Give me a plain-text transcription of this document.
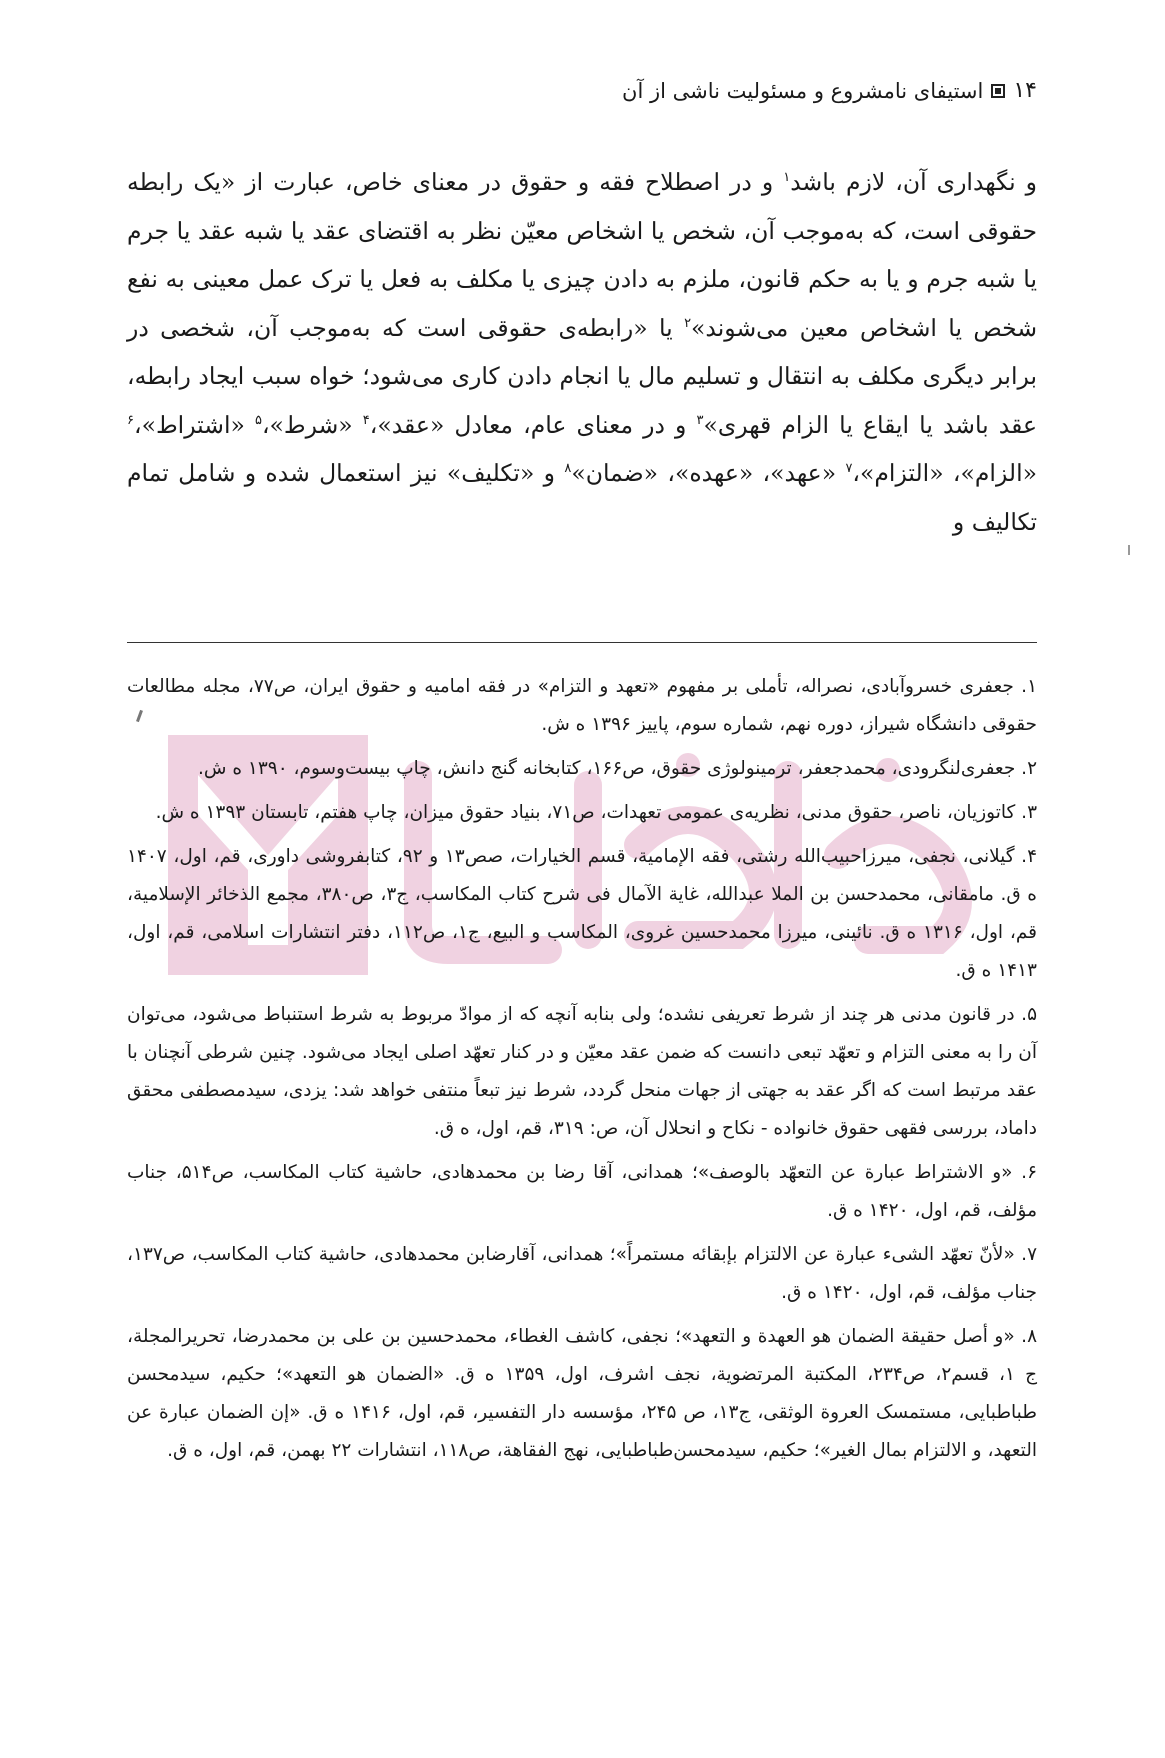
۱۴
استیفای نامشروع و مسئولیت ناشی از آن

و نگهداری آن، لازم باشد$^۱$ و در اصطلاح فقه و حقوق در معنای خاص، عبارت از «یک رابطه حقوقی است، که به‌موجب آن، شخص یا اشخاص معیّن نظر به اقتضای عقد یا شبه عقد یا جرم یا شبه جرم و یا به حکم قانون، ملزم به دادن چیزی یا مکلف به فعل یا ترک عمل معینی به نفع شخص یا اشخاص معین می‌شوند»$^۲$ یا «رابطه‌ی حقوقی است که به‌موجب آن، شخصی در برابر دیگری مکلف به انتقال و تسلیم مال یا انجام دادن کاری می‌شود؛ خواه سبب ایجاد رابطه، عقد باشد یا ایقاع یا الزام قهری»$^۳$ و در معنای عام، معادل «عقد»،$^۴$ «شرط»،$^۵$ «اشتراط»،$^۶$ «الزام»، «التزام»،$^۷$ «عهد»، «عهده»، «ضمان»$^۸$ و «تکلیف» نیز استعمال شده و شامل تمام تکالیف و

۱. جعفری خسروآبادی، نصراله، تأملی بر مفهوم «تعهد و التزام» در فقه امامیه و حقوق ایران، ص۷۷، مجله مطالعات حقوقی دانشگاه شیراز، دوره نهم، شماره سوم، پاییز ۱۳۹۶ ه ش.

۲. جعفری‌لنگرودی، محمدجعفر، ترمینولوژی حقوق، ص۱۶۶، کتابخانه گنج دانش، چاپ بیست‌وسوم، ۱۳۹۰ ه ش.

۳. کاتوزیان، ناصر، حقوق مدنی، نظریه‌ی عمومی تعهدات، ص۷۱، بنیاد حقوق میزان، چاپ هفتم، تابستان ۱۳۹۳ ه ش.

۴. گیلانی، نجفی، میرزاحبیب‌الله رشتی، فقه الإمامیة، قسم الخیارات، صص۱۳ و ۹۲، کتابفروشی داوری، قم، اول، ۱۴۰۷ ه ق. مامقانی، محمدحسن بن الملا عبدالله، غایة الآمال فی شرح کتاب المکاسب، ج۳، ص۳۸۰، مجمع الذخائر الإسلامیة، قم، اول، ۱۳۱۶ ه ق. نائینی، میرزا محمدحسین غروی، المکاسب و البیع، ج۱، ص۱۱۲، دفتر انتشارات اسلامی، قم، اول، ۱۴۱۳ ه ق.

۵. در قانون مدنی هر چند از شرط تعریفی نشده؛ ولی بنابه آنچه که از موادّ مربوط به شرط استنباط می‌شود، می‌توان آن را به معنی التزام و تعهّد تبعی دانست که ضمن عقد معیّن و در کنار تعهّد اصلی ایجاد می‌شود. چنین شرطی آنچنان با عقد مرتبط است که اگر عقد به جهتی از جهات منحل گردد، شرط نیز تبعاً منتفی خواهد شد: یزدی، سیدمصطفی محقق داماد، بررسی فقهی حقوق خانواده - نکاح و انحلال آن، ص: ۳۱۹، قم، اول، ه ق.

۶. «و الاشتراط عبارة عن التعهّد بالوصف»؛ همدانی، آقا رضا بن محمدهادی، حاشیة کتاب المکاسب، ص۵۱۴، جناب مؤلف، قم، اول، ۱۴۲۰ ه ق.

۷. «لأنّ تعهّد الشیء عبارة عن الالتزام بإبقائه مستمراً»؛ همدانی، آقارضابن محمدهادی، حاشیة کتاب المکاسب، ص۱۳۷، جناب مؤلف، قم، اول، ۱۴۲۰ ه ق.

۸. «و أصل حقیقة الضمان هو العهدة و التعهد»؛ نجفی، کاشف الغطاء، محمدحسین بن علی بن محمدرضا، تحریرالمجلة، ج ۱، قسم۲، ص۲۳۴، المکتبة المرتضویة، نجف اشرف، اول، ۱۳۵۹ ه ق. «الضمان هو التعهد»؛ حکیم، سیدمحسن طباطبایی، مستمسک العروة الوثقی، ج۱۳، ص ۲۴۵، مؤسسه دار التفسیر، قم، اول، ۱۴۱۶ ه ق. «إن الضمان عبارة عن التعهد، و الالتزام بمال الغیر»؛ حکیم، سیدمحسن‌طباطبایی، نهج الفقاهة، ص۱۱۸، انتشارات ۲۲ بهمن، قم، اول، ه ق.
